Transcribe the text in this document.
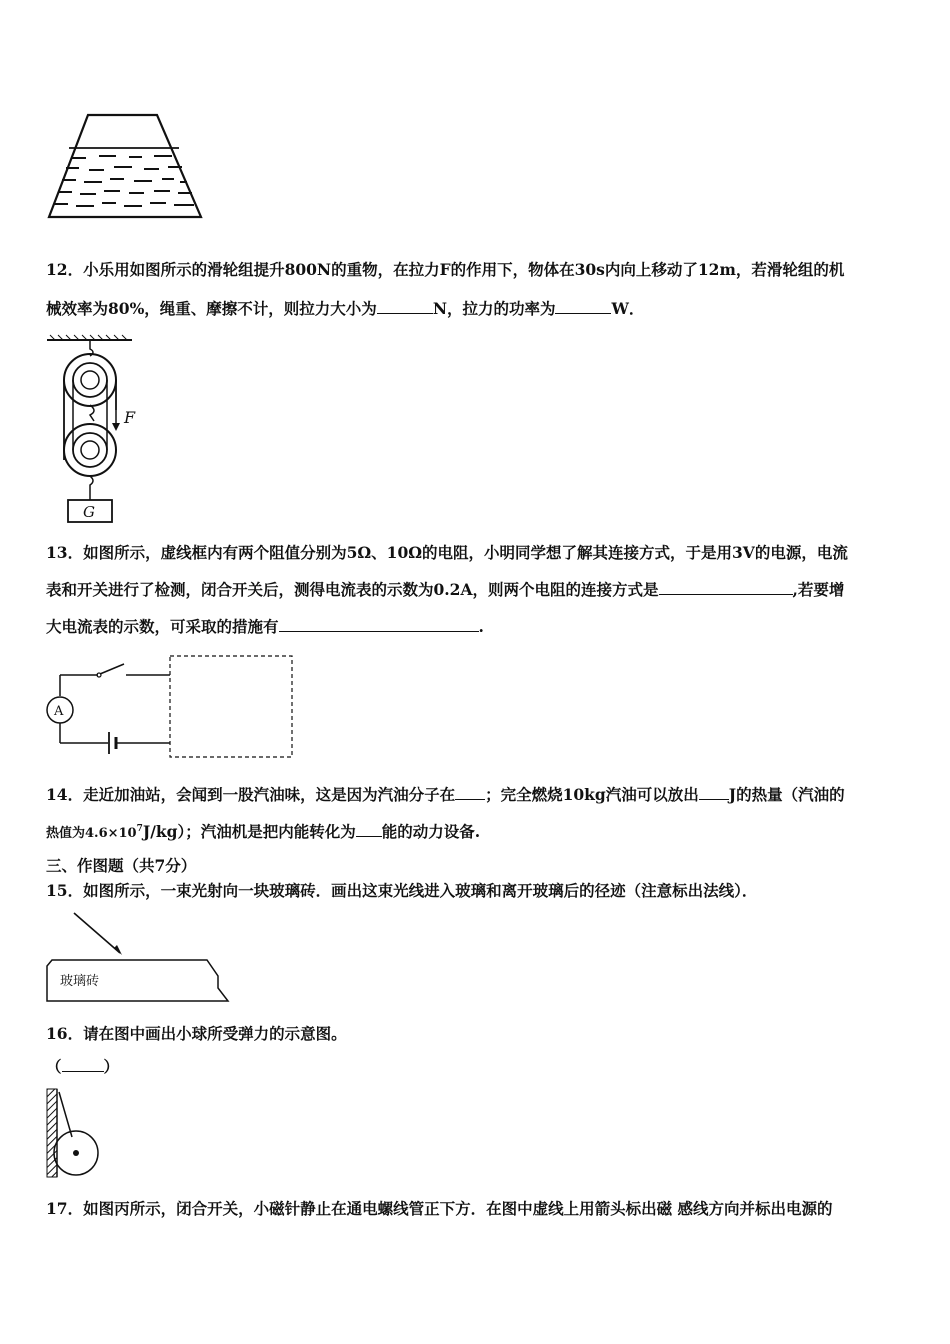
12．小乐用如图所示的滑轮组提升800N的重物，在拉力F的作用下，物体在30s内向上移动了12m，若滑轮组的机
械效率为80%，绳重、摩擦不计，则拉力大小为	N，拉力的功率为	W．
F
G
13．如图所示，虚线框内有两个阻值分别为5Ω、10Ω的电阻，小明同学想了解其连接方式，于是用3V的电源，电流
表和开关进行了检测，闭合开关后，测得电流表的示数为0.2A，则两个电阻的连接方式是	,若要增
大电流表的示数，可采取的措施有	.
A
14．走近加油站，会闻到一股汽油味，这是因为汽油分子在 ；完全燃烧10kg汽油可以放出 J的热量（汽油的
热值为$4.6\times 10^7J/kg$）；汽油机是把内能转化为 能的动力设备.
三、作图题（共7分）
15．如图所示，一束光射向一块玻璃砖．画出这束光线进入玻璃和离开玻璃后的径迹（注意标出法线）．
玻璃砖
16．请在图中画出小球所受弹力的示意图。
（	）
17．如图丙所示，闭合开关，小磁针静止在通电螺线管正下方．在图中虚线上用箭头标出磁 感线方向并标出电源的
